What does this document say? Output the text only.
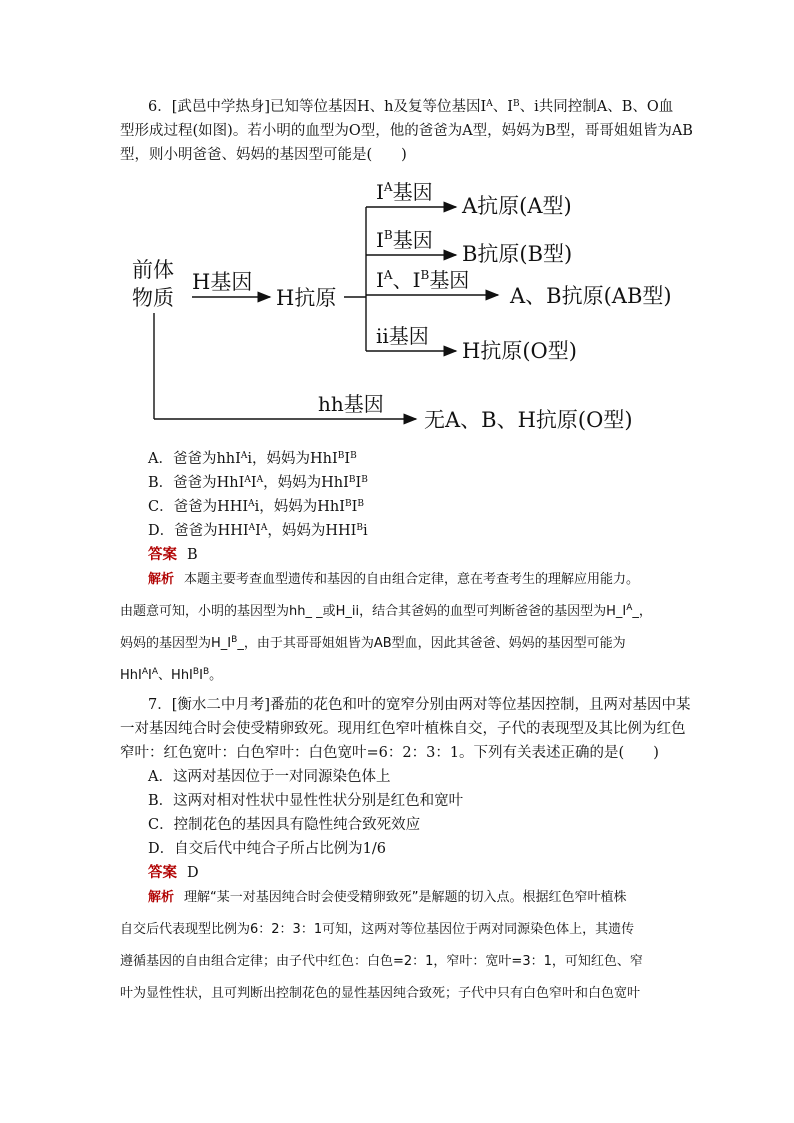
6．[武邑中学热身]已知等位基因H、h及复等位基因$I^A$、$I^B$、i共同控制A、B、O血
型形成过程(如图)。若小明的血型为O型，他的爸爸为A型，妈妈为B型，哥哥姐姐皆为AB
型，则小明爸爸、妈妈的基因型可能是(　　)
前体
物质
H基因
H抗原
$I^A$基因
A抗原(A型)
$I^B$基因
B抗原(B型)
$I^A$、$I^B$基因
A、B抗原(AB型)
ii基因
H抗原(O型)
hh基因
无A、B、H抗原(O型)
A．爸爸为hhI$^A$i，妈妈为$HhI^BI^B$
B．爸爸为$HhI^AI^A$，妈妈为$HhI^BI^B$
C．爸爸为$HHI^Ai$，妈妈为$HhI^BI^B$
D．爸爸为$HHI^AI^A$，妈妈为$HHI^Bi$
答案 B
解析 本题主要考查血型遗传和基因的自由组合定律，意在考查考生的理解应用能力。
由题意可知，小明的基因型为hh_ _或H_ii，结合其爸妈的血型可判断爸爸的基因型为$H\_I^A\_$，
妈妈的基因型为$H\_I^B\_$，由于其哥哥姐姐皆为AB型血，因此其爸爸、妈妈的基因型可能为
$HhI^AI^A$、$HhI^BI^B$。
7．[衡水二中月考]番茄的花色和叶的宽窄分别由两对等位基因控制，且两对基因中某
一对基因纯合时会使受精卵致死。现用红色窄叶植株自交，子代的表现型及其比例为红色
窄叶：红色宽叶：白色窄叶：白色宽叶=6：2：3：1。下列有关表述正确的是(　　)
A．这两对基因位于一对同源染色体上
B．这两对相对性状中显性性状分别是红色和宽叶
C．控制花色的基因具有隐性纯合致死效应
D．自交后代中纯合子所占比例为1/6
答案 D
解析 理解“某一对基因纯合时会使受精卵致死”是解题的切入点。根据红色窄叶植株
自交后代表现型比例为6：2：3：1可知，这两对等位基因位于两对同源染色体上，其遗传
遵循基因的自由组合定律；由子代中红色：白色=2：1，窄叶：宽叶=3：1，可知红色、窄
叶为显性性状，且可判断出控制花色的显性基因纯合致死；子代中只有白色窄叶和白色宽叶
